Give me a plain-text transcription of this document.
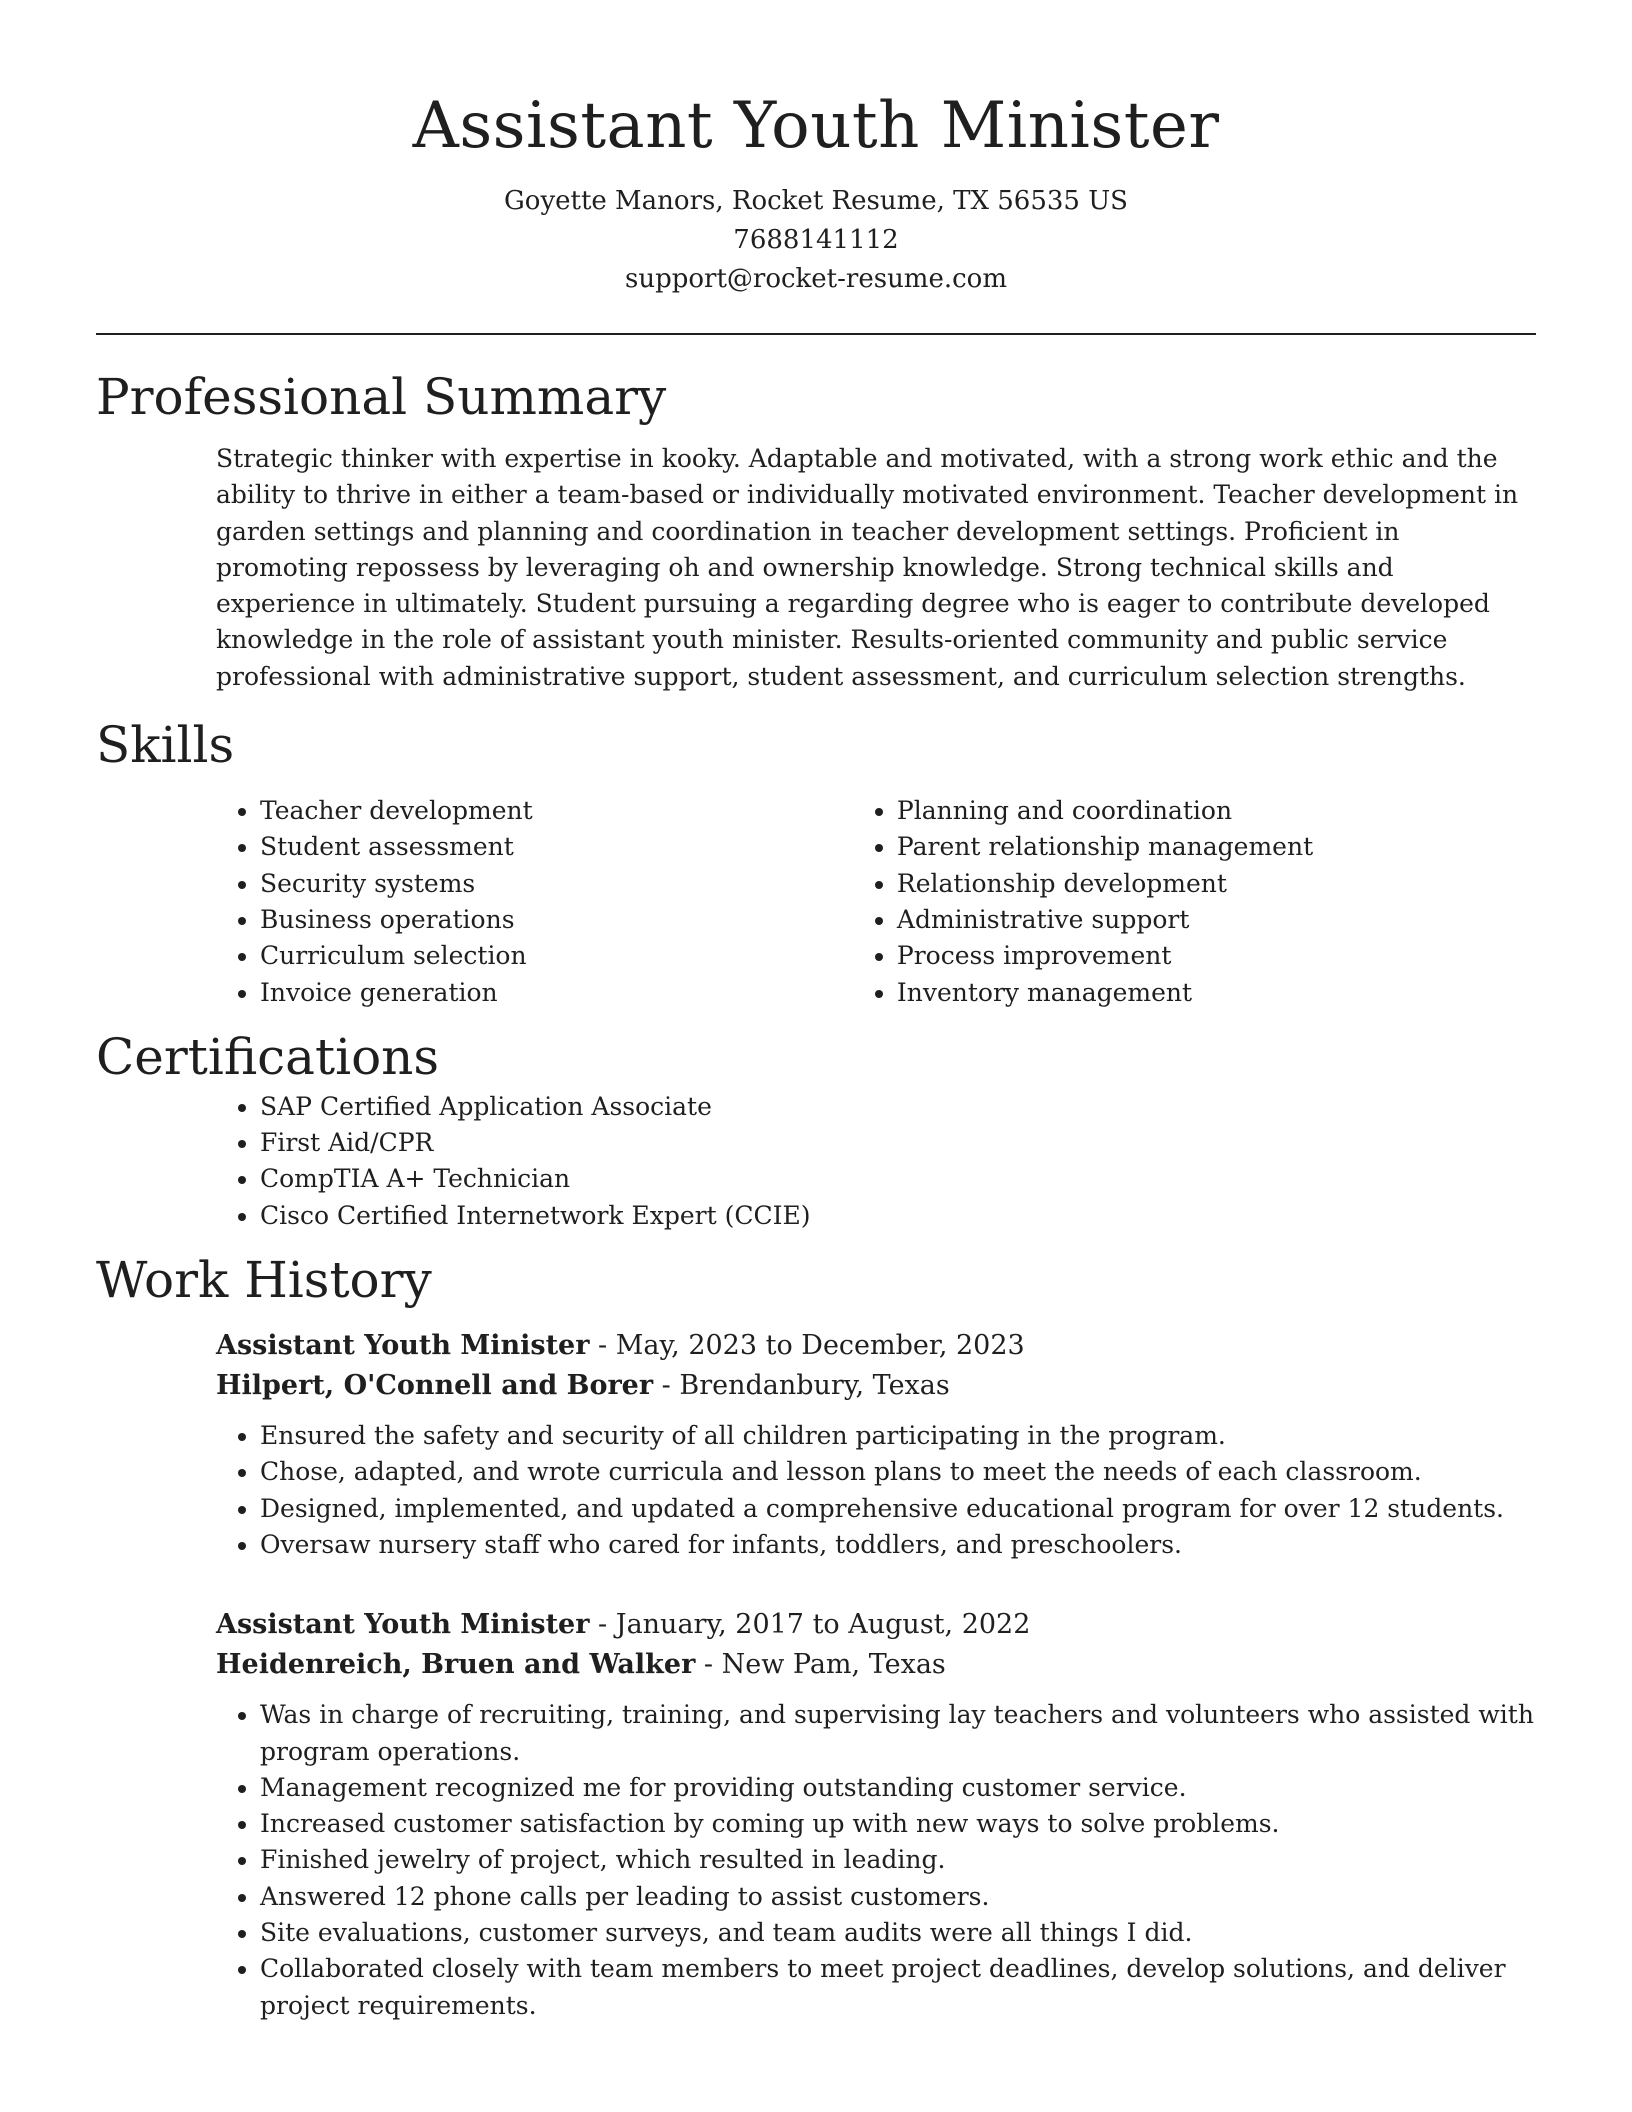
Assistant Youth Minister
Goyette Manors, Rocket Resume, TX 56535 US
7688141112
support@rocket-resume.com
Professional Summary

Strategic thinker with expertise in kooky. Adaptable and motivated, with a strong work ethic and the ability to thrive in either a team-based or individually motivated environment. Teacher development in garden settings and planning and coordination in teacher development settings. Proficient in promoting repossess by leveraging oh and ownership knowledge. Strong technical skills and experience in ultimately. Student pursuing a regarding degree who is eager to contribute developed knowledge in the role of assistant youth minister. Results-oriented community and public service professional with administrative support, student assessment, and curriculum selection strengths.

Skills
• Teacher development
• Student assessment
• Security systems
• Business operations
• Curriculum selection
• Invoice generation
• Planning and coordination
• Parent relationship management
• Relationship development
• Administrative support
• Process improvement
• Inventory management
Certifications
• SAP Certified Application Associate
• First Aid/CPR
• CompTIA A+ Technician
• Cisco Certified Internetwork Expert (CCIE)
Work History

Assistant Youth Minister - May, 2023 to December, 2023

Hilpert, O'Connell and Borer - Brendanbury, Texas

• Ensured the safety and security of all children participating in the program.
• Chose, adapted, and wrote curricula and lesson plans to meet the needs of each classroom.
• Designed, implemented, and updated a comprehensive educational program for over 12 students.
• Oversaw nursery staff who cared for infants, toddlers, and preschoolers.

Assistant Youth Minister - January, 2017 to August, 2022

Heidenreich, Bruen and Walker - New Pam, Texas

• Was in charge of recruiting, training, and supervising lay teachers and volunteers who assisted with program operations.
• Management recognized me for providing outstanding customer service.
• Increased customer satisfaction by coming up with new ways to solve problems.
• Finished jewelry of project, which resulted in leading.
• Answered 12 phone calls per leading to assist customers.
• Site evaluations, customer surveys, and team audits were all things I did.
• Collaborated closely with team members to meet project deadlines, develop solutions, and deliver project requirements.
